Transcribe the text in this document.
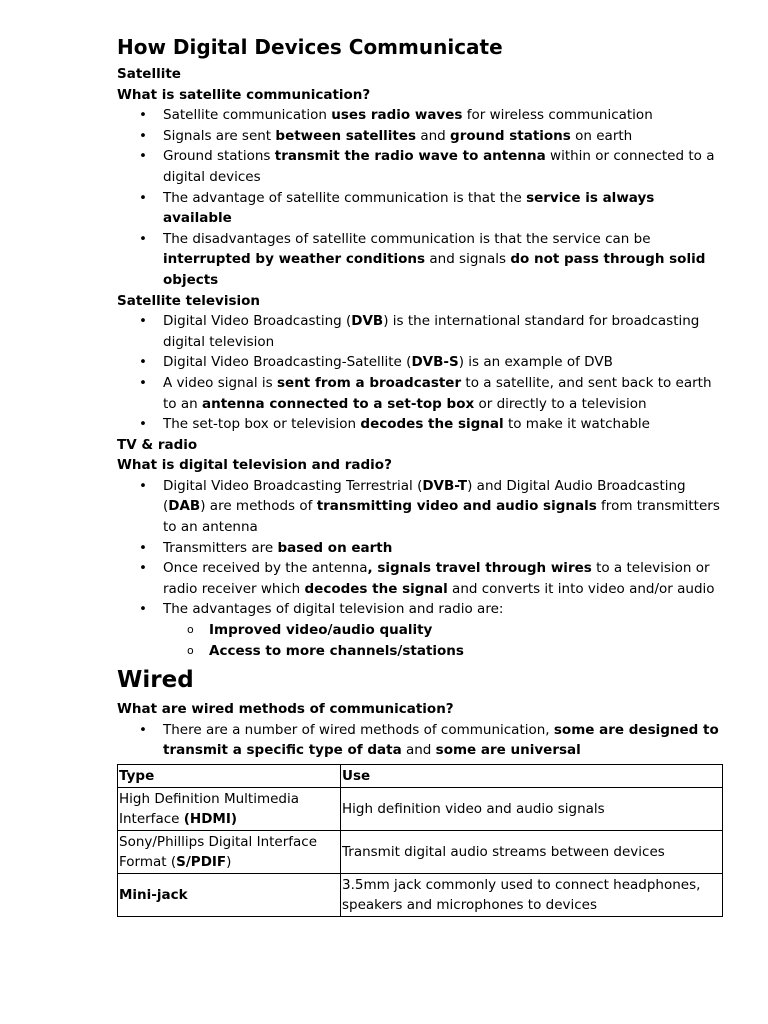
How Digital Devices Communicate

Satellite

What is satellite communication?

• Satellite communication uses radio waves for wireless communication
• Signals are sent between satellites and ground stations on earth
• Ground stations transmit the radio wave to antenna within or connected to a digital devices
• The advantage of satellite communication is that the service is always available
• The disadvantages of satellite communication is that the service can be interrupted by weather conditions and signals do not pass through solid objects

Satellite television

• Digital Video Broadcasting (DVB) is the international standard for broadcasting digital television
• Digital Video Broadcasting-Satellite (DVB-S) is an example of DVB
• A video signal is sent from a broadcaster to a satellite, and sent back to earth to an antenna connected to a set-top box or directly to a television
• The set-top box or television decodes the signal to make it watchable

TV & radio

What is digital television and radio?

• Digital Video Broadcasting Terrestrial (DVB-T) and Digital Audio Broadcasting (DAB) are methods of transmitting video and audio signals from transmitters to an antenna
• Transmitters are based on earth
• Once received by the antenna, signals travel through wires to a television or radio receiver which decodes the signal and converts it into video and/or audio
• The advantages of digital television and radio are:
o Improved video/audio quality
o Access to more channels/stations
Wired

What are wired methods of communication?

• There are a number of wired methods of communication, some are designed to transmit a specific type of data and some are universal
Type	Use
High Definition Multimedia Interface (HDMI)	High definition video and audio signals
Sony/Phillips Digital Interface Format (S/PDIF)	Transmit digital audio streams between devices
Mini-jack	3.5mm jack commonly used to connect headphones, speakers and microphones to devices
